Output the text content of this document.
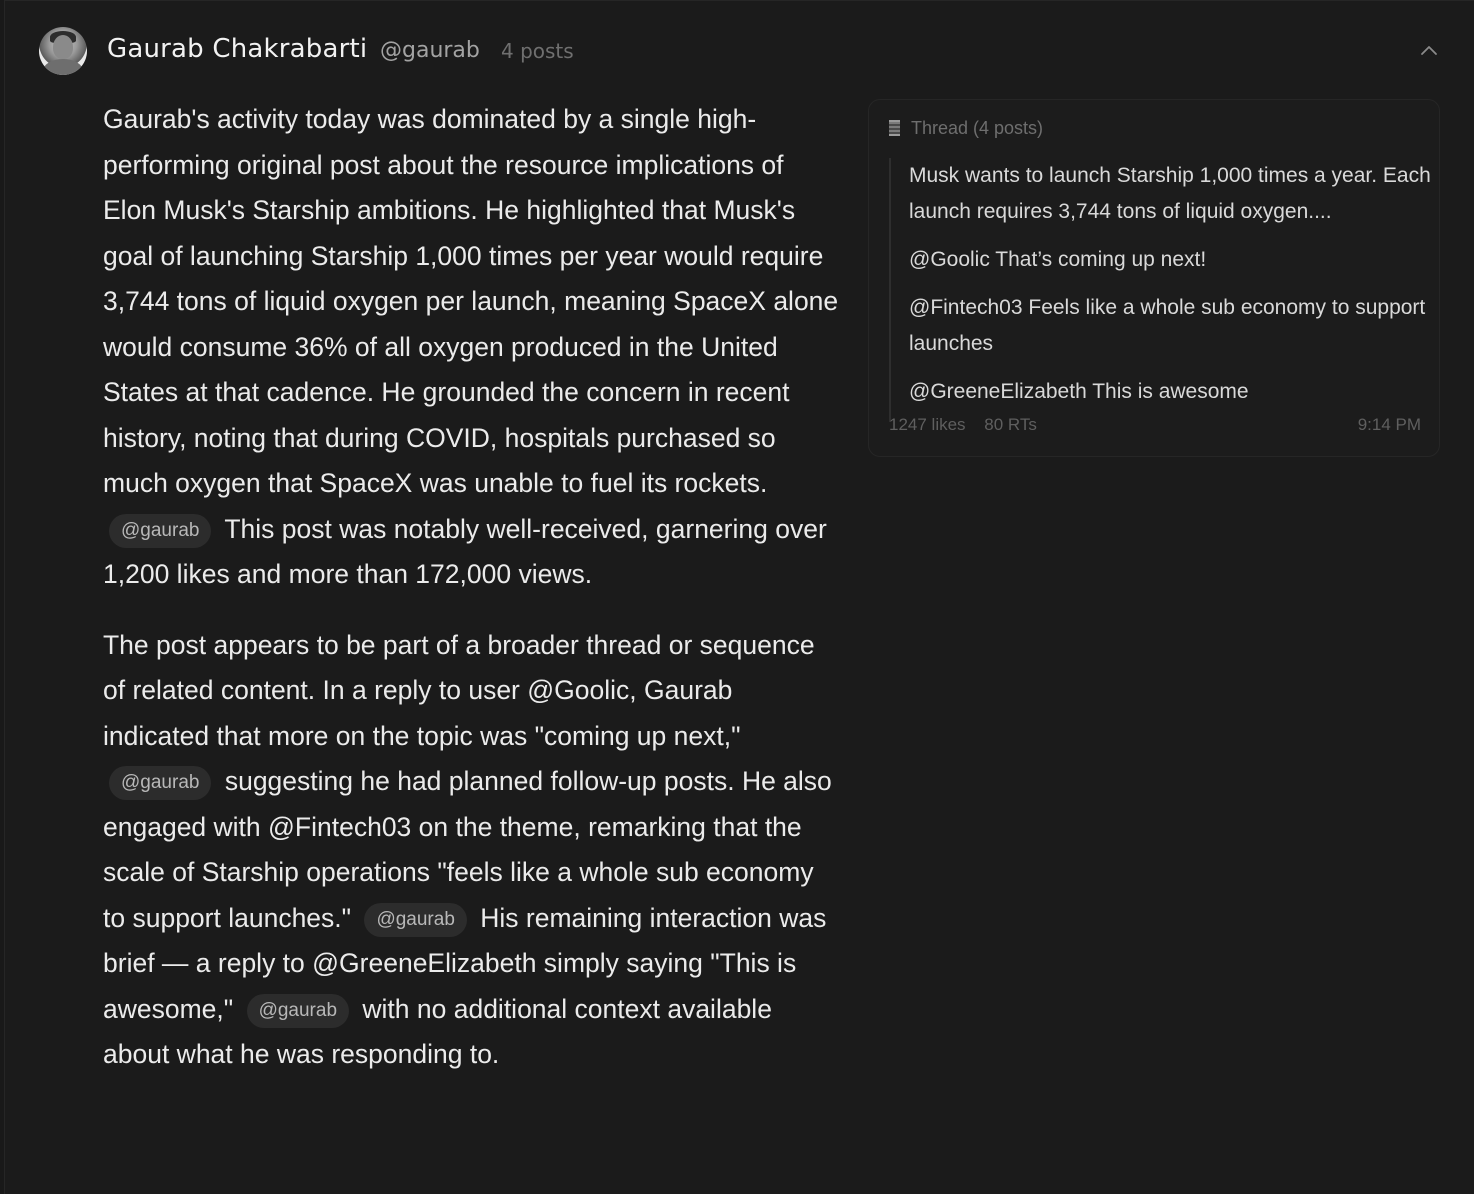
Gaurab Chakrabarti @gaurab 4 posts

Gaurab's activity today was dominated by a single high-performing original post about the resource implications of Elon Musk's Starship ambitions. He highlighted that Musk's goal of launching Starship 1,000 times per year would require 3,744 tons of liquid oxygen per launch, meaning SpaceX alone would consume 36% of all oxygen produced in the United States at that cadence. He grounded the concern in recent history, noting that during COVID, hospitals purchased so much oxygen that SpaceX was unable to fuel its rockets. @gaurab This post was notably well-received, garnering over 1,200 likes and more than 172,000 views.

The post appears to be part of a broader thread or sequence of related content. In a reply to user @Goolic, Gaurab indicated that more on the topic was "coming up next," @gaurab suggesting he had planned follow-up posts. He also engaged with @Fintech03 on the theme, remarking that the scale of Starship operations "feels like a whole sub economy to support launches." @gaurab His remaining interaction was brief — a reply to @GreeneElizabeth simply saying "This is awesome," @gaurab with no additional context available about what he was responding to.

Thread (4 posts)
Musk wants to launch Starship 1,000 times a year. Each launch requires 3,744 tons of liquid oxygen....
@Goolic That’s coming up next!
@Fintech03 Feels like a whole sub economy to support launches
@GreeneElizabeth This is awesome
1247 likes 80 RTs	9:14 PM
